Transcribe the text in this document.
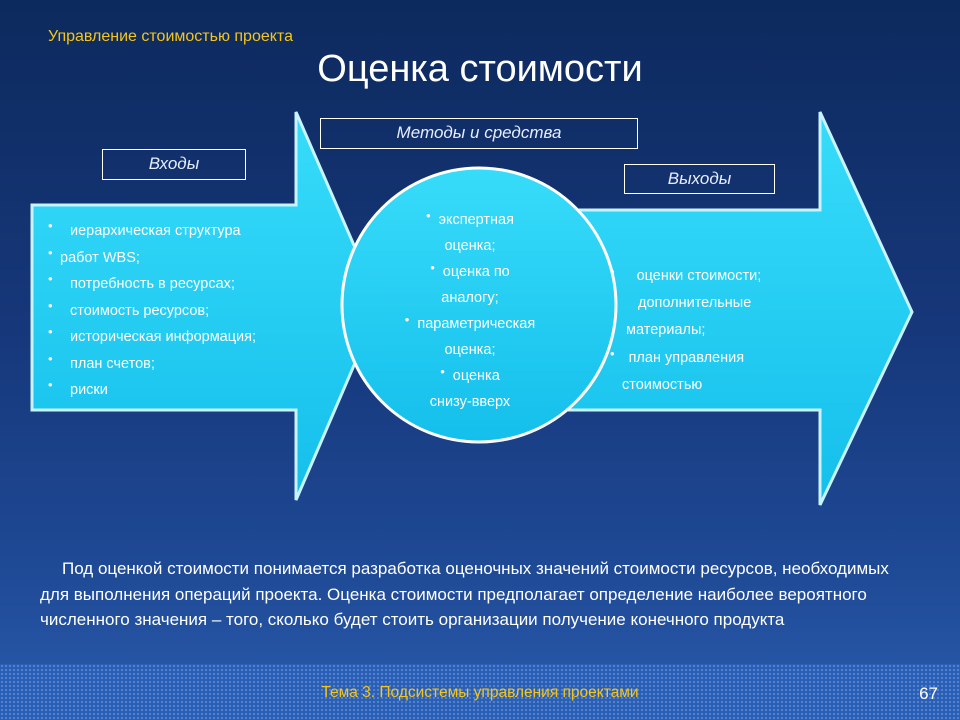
Управление стоимостью проекта
Оценка стоимости
Входы
Методы и средства
Выходы
• иерархическая структура
• работ WBS;
• потребность в ресурсах;
• стоимость ресурсов;
• историческая информация;
• план счетов;
• риски
• экспертная
оценка;
• оценка по
аналогу;
• параметрическая
оценка;
• оценка
снизу-вверх
• оценки стоимости;
дополнительные
материалы;
• план управления
стоимостью
Под оценкой стоимости понимается разработка оценочных значений стоимости ресурсов, необходимых для выполнения операций проекта. Оценка стоимости предполагает определение наиболее вероятного численного значения – того, сколько будет стоить организации получение конечного продукта
Тема 3. Подсистемы управления проектами	67
